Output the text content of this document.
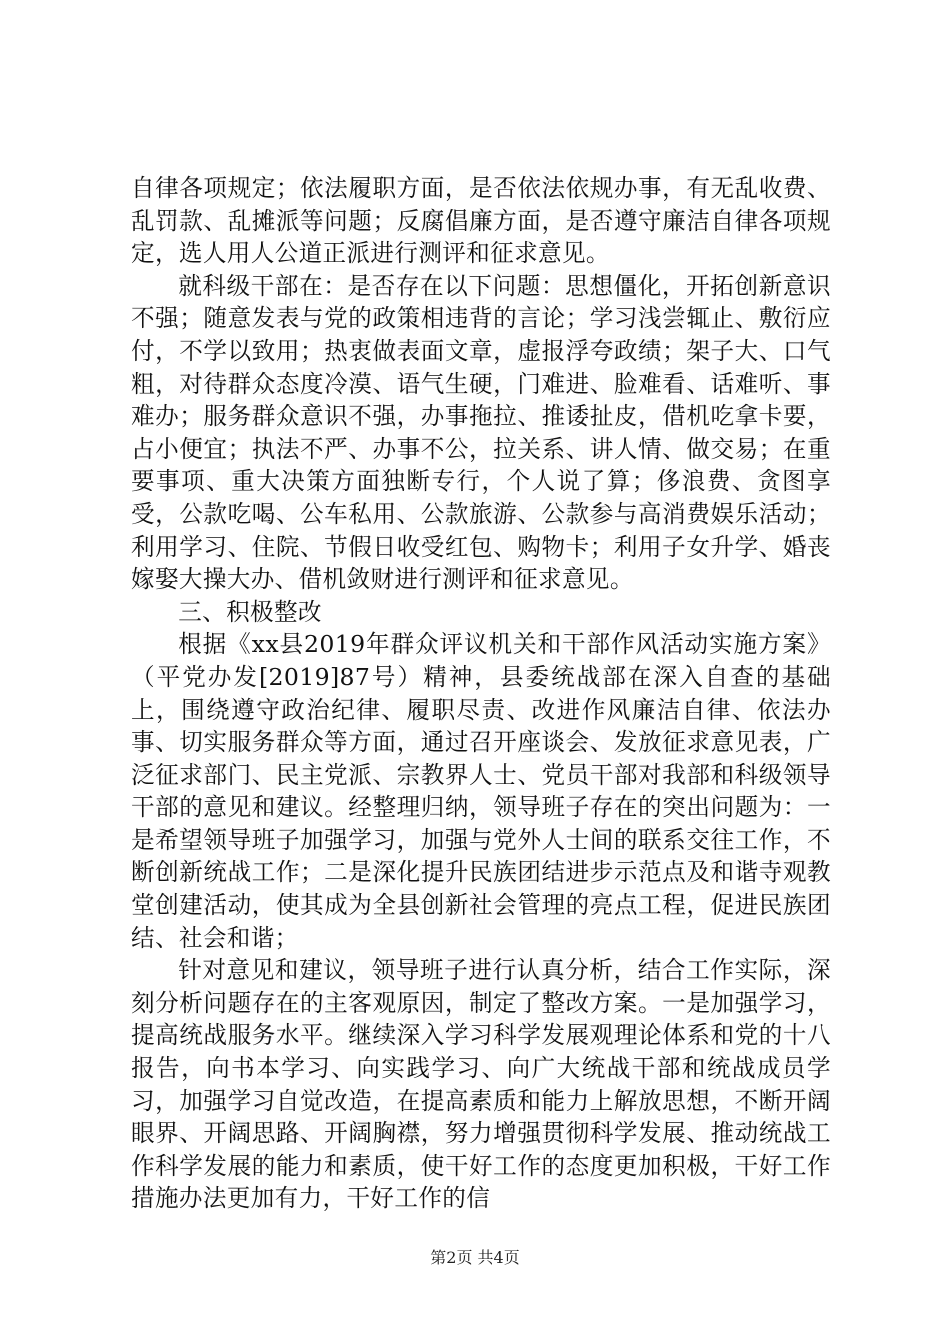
自律各项规定；依法履职方面，是否依法依规办事，有无乱收费、乱罚款、乱摊派等问题；反腐倡廉方面，是否遵守廉洁自律各项规定，选人用人公道正派进行测评和征求意见。

就科级干部在：是否存在以下问题：思想僵化，开拓创新意识不强；随意发表与党的政策相违背的言论；学习浅尝辄止、敷衍应付，不学以致用；热衷做表面文章，虚报浮夸政绩；架子大、口气粗，对待群众态度冷漠、语气生硬，门难进、脸难看、话难听、事难办；服务群众意识不强，办事拖拉、推诿扯皮，借机吃拿卡要，占小便宜；执法不严、办事不公，拉关系、讲人情、做交易；在重要事项、重大决策方面独断专行，个人说了算；侈浪费、贪图享受，公款吃喝、公车私用、公款旅游、公款参与高消费娱乐活动；利用学习、住院、节假日收受红包、购物卡；利用子女升学、婚丧嫁娶大操大办、借机敛财进行测评和征求意见。

三、积极整改

根据《xx县2019年群众评议机关和干部作风活动实施方案》（平党办发[2019]87号）精神，县委统战部在深入自查的基础上，围绕遵守政治纪律、履职尽责、改进作风廉洁自律、依法办事、切实服务群众等方面，通过召开座谈会、发放征求意见表，广泛征求部门、民主党派、宗教界人士、党员干部对我部和科级领导干部的意见和建议。经整理归纳，领导班子存在的突出问题为：一是希望领导班子加强学习，加强与党外人士间的联系交往工作，不断创新统战工作；二是深化提升民族团结进步示范点及和谐寺观教堂创建活动，使其成为全县创新社会管理的亮点工程，促进民族团结、社会和谐；

针对意见和建议，领导班子进行认真分析，结合工作实际，深刻分析问题存在的主客观原因，制定了整改方案。一是加强学习，提高统战服务水平。继续深入学习科学发展观理论体系和党的十八报告，向书本学习、向实践学习、向广大统战干部和统战成员学习，加强学习自觉改造，在提高素质和能力上解放思想，不断开阔眼界、开阔思路、开阔胸襟，努力增强贯彻科学发展、推动统战工作科学发展的能力和素质，使干好工作的态度更加积极，干好工作措施办法更加有力，干好工作的信

第2页 共4页
